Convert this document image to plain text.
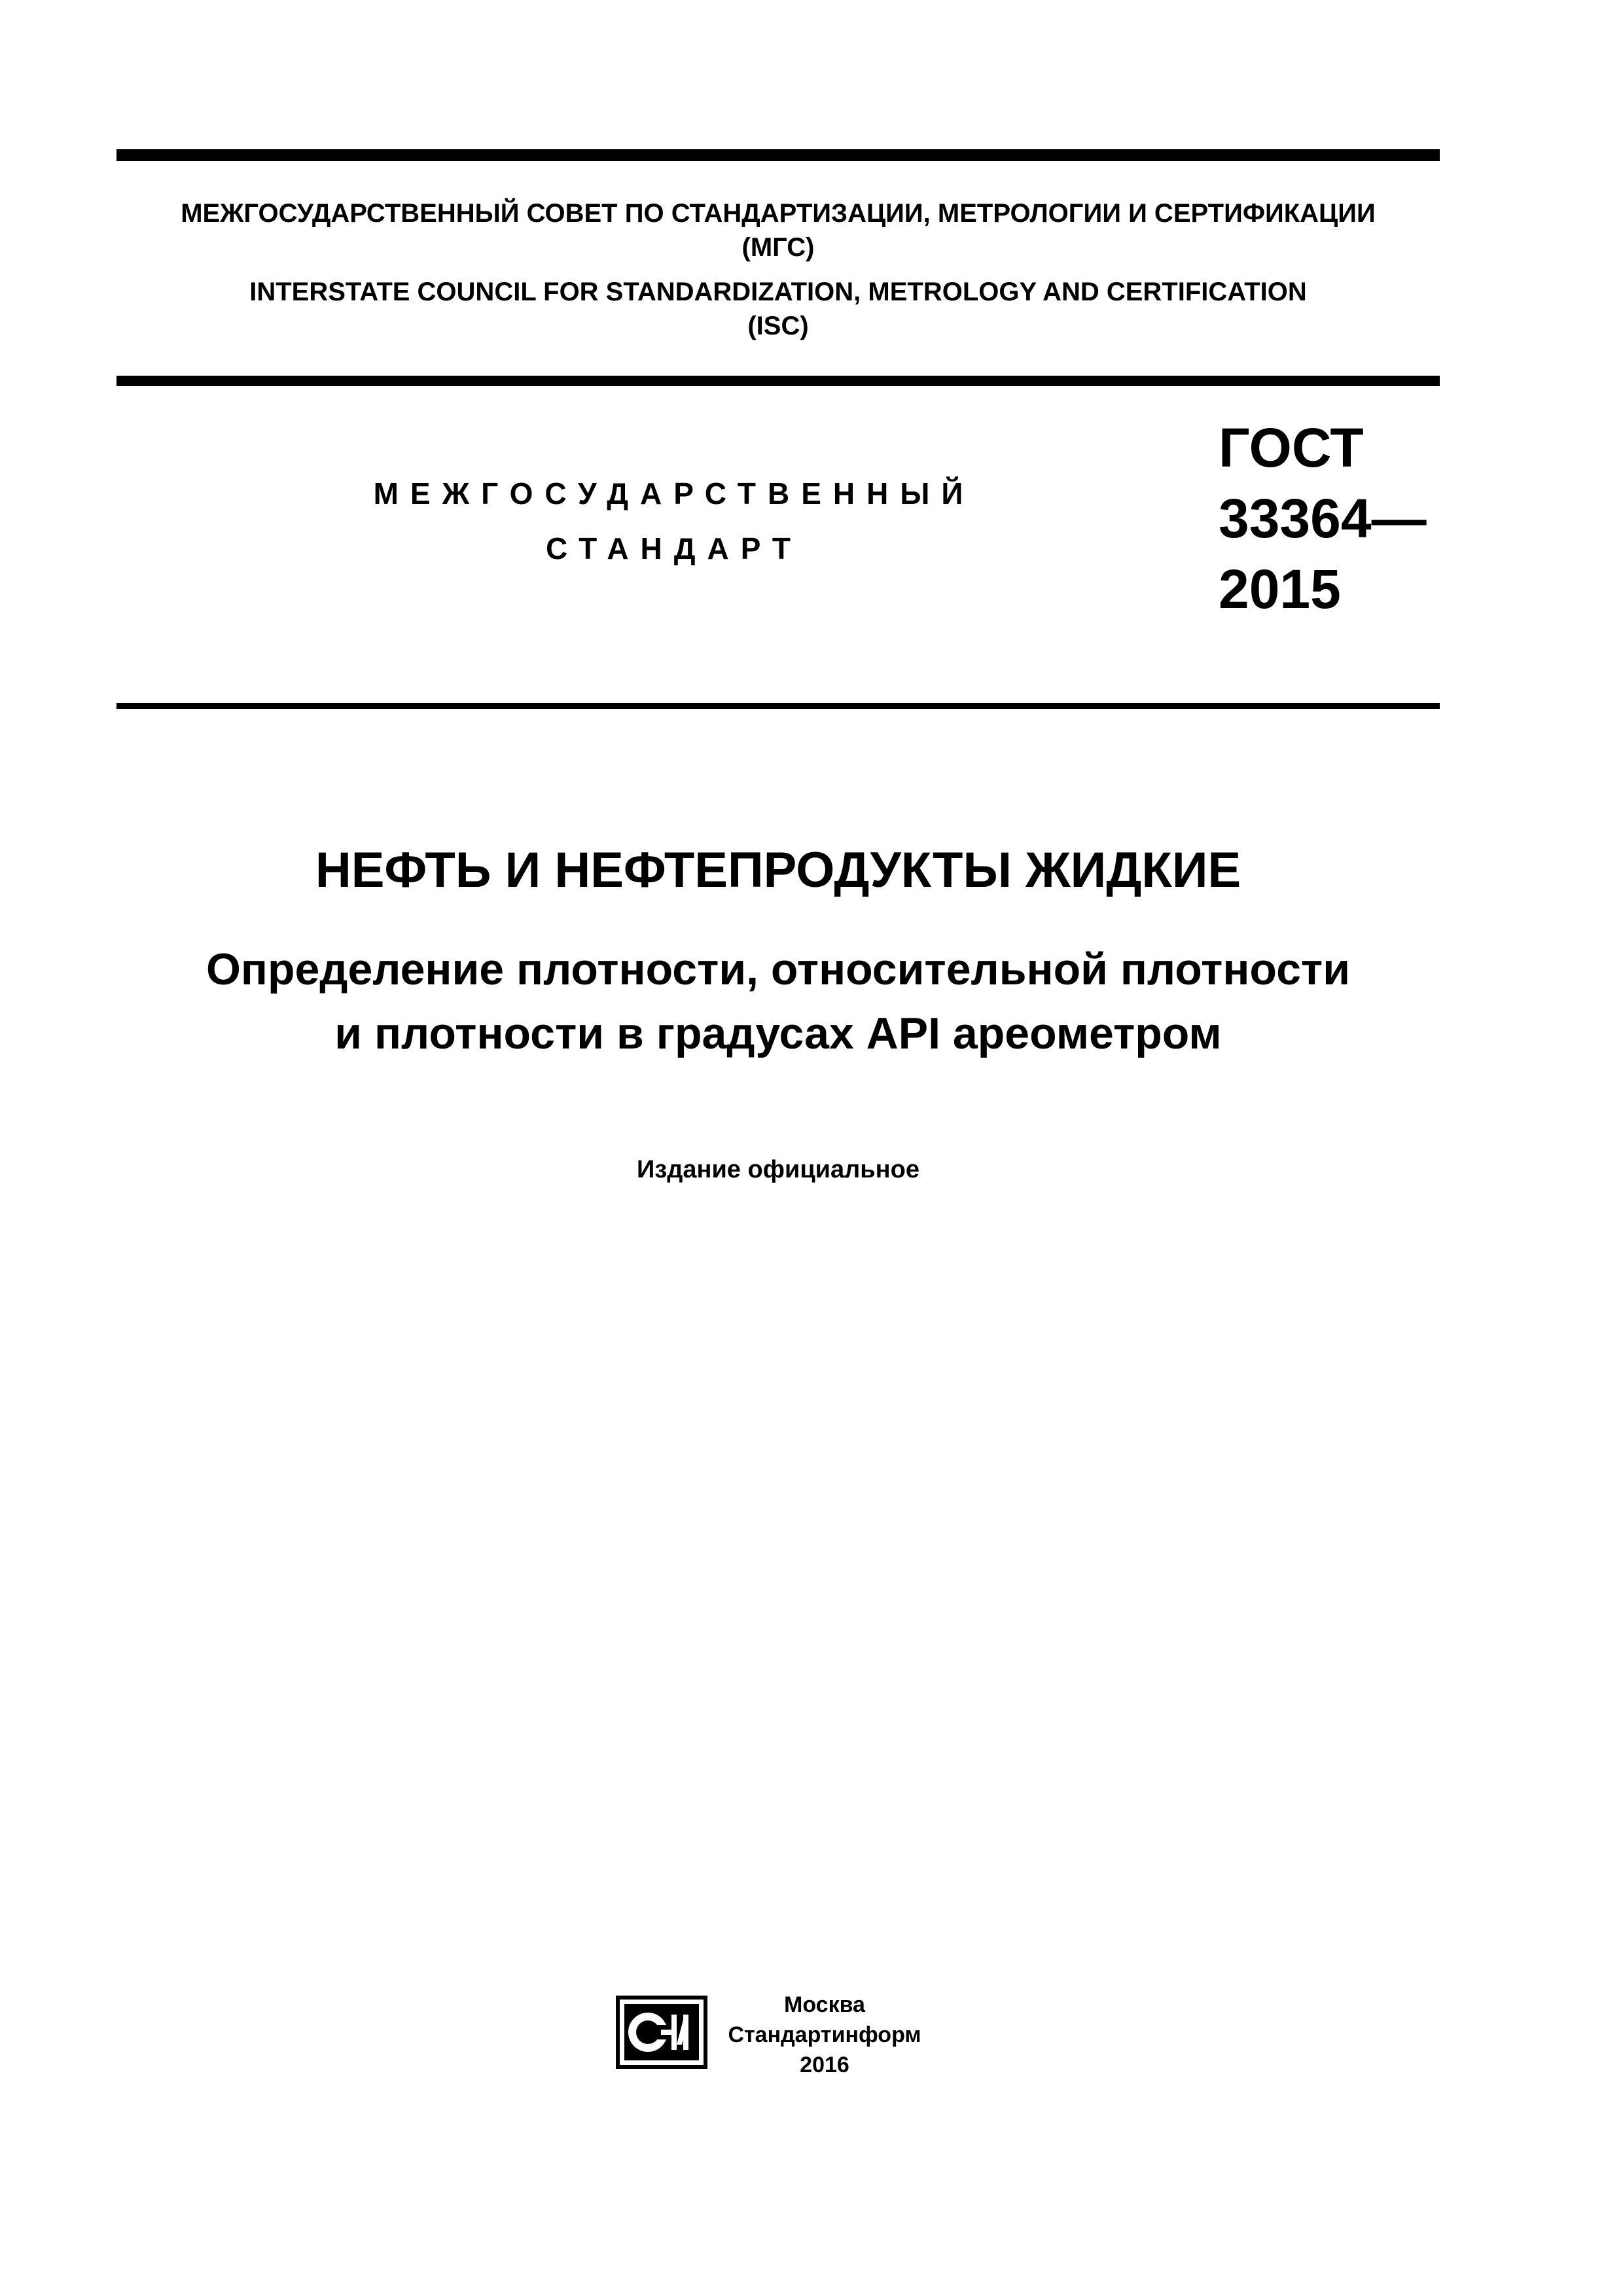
МЕЖГОСУДАРСТВЕННЫЙ СОВЕТ ПО СТАНДАРТИЗАЦИИ, МЕТРОЛОГИИ И СЕРТИФИКАЦИИ
(МГС)
INTERSTATE COUNCIL FOR STANDARDIZATION, METROLOGY AND CERTIFICATION
(ISC)
МЕЖГОСУДАРСТВЕННЫЙ
СТАНДАРТ
ГОСТ
33364—
2015
НЕФТЬ И НЕФТЕПРОДУКТЫ ЖИДКИЕ
Определение плотности, относительной плотности
и плотности в градусах API ареометром
Издание официальное
Москва
Стандартинформ
2016
